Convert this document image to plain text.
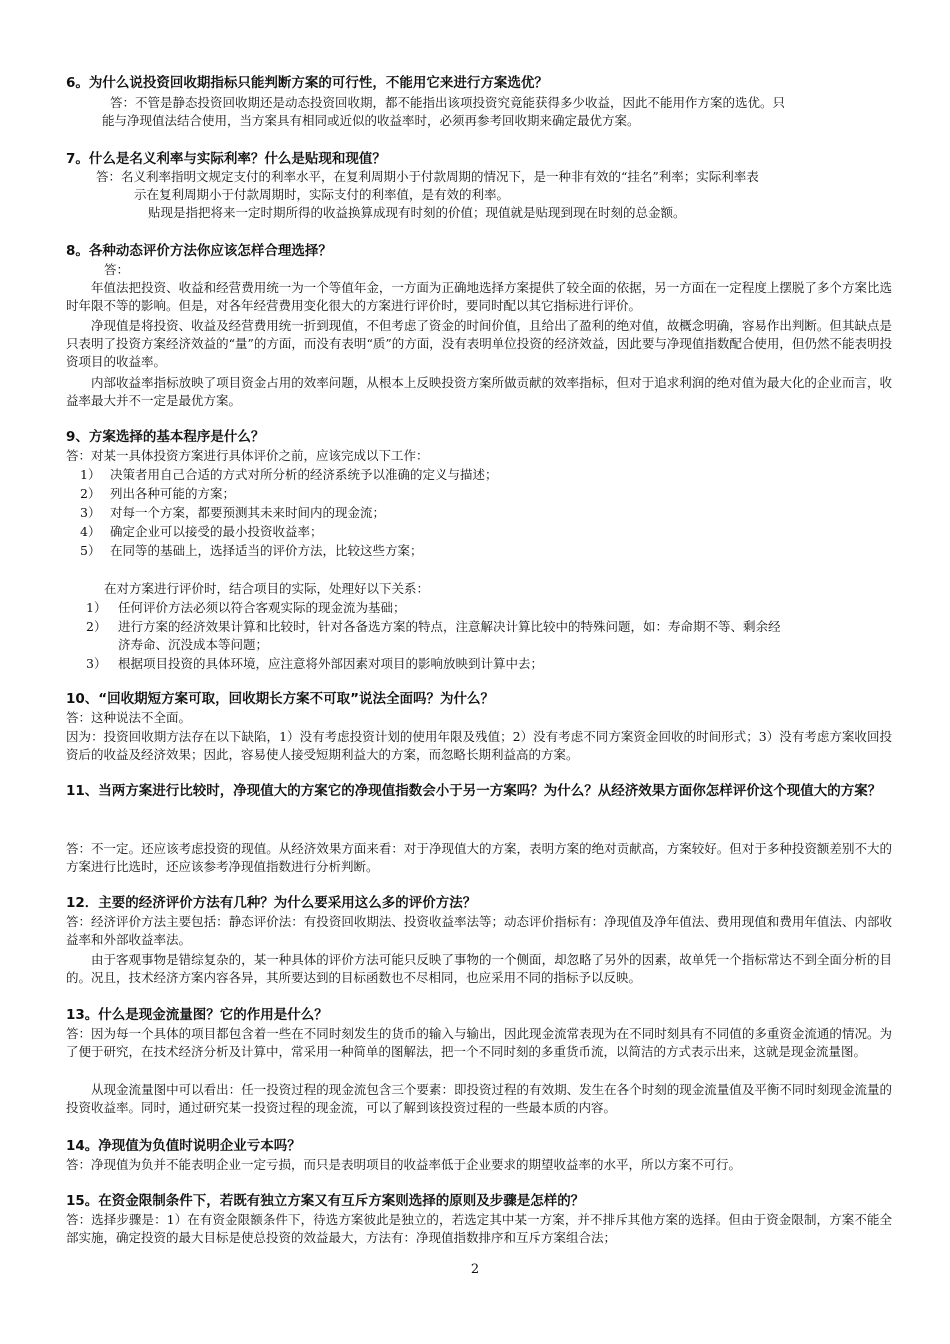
6。为什么说投资回收期指标只能判断方案的可行性，不能用它来进行方案选优？
答：不管是静态投资回收期还是动态投资回收期，都不能指出该项投资究竟能获得多少收益，因此不能用作方案的选优。只
能与净现值法结合使用，当方案具有相同或近似的收益率时，必须再参考回收期来确定最优方案。
7。什么是名义利率与实际利率？什么是贴现和现值？
答：名义利率指明文规定支付的利率水平，在复利周期小于付款周期的情况下，是一种非有效的“挂名”利率；实际利率表
示在复利周期小于付款周期时，实际支付的利率值，是有效的利率。
贴现是指把将来一定时期所得的收益换算成现有时刻的价值；现值就是贴现到现在时刻的总金额。
8。各种动态评价方法你应该怎样合理选择？
答：
年值法把投资、收益和经营费用统一为一个等值年金，一方面为正确地选择方案提供了较全面的依据，另一方面在一定程度上摆脱了多个方案比选时年限不等的影响。但是，对各年经营费用变化很大的方案进行评价时，要同时配以其它指标进行评价。
净现值是将投资、收益及经营费用统一折到现值，不但考虑了资金的时间价值，且给出了盈利的绝对值，故概念明确，容易作出判断。但其缺点是只表明了投资方案经济效益的“量”的方面，而没有表明“质”的方面，没有表明单位投资的经济效益，因此要与净现值指数配合使用，但仍然不能表明投资项目的收益率。
内部收益率指标放映了项目资金占用的效率问题，从根本上反映投资方案所做贡献的效率指标，但对于追求利润的绝对值为最大化的企业而言，收益率最大并不一定是最优方案。
9、方案选择的基本程序是什么？
答：对某一具体投资方案进行具体评价之前，应该完成以下工作：
1） 决策者用自己合适的方式对所分析的经济系统予以准确的定义与描述；
2） 列出各种可能的方案；
3） 对每一个方案，都要预测其未来时间内的现金流；
4） 确定企业可以接受的最小投资收益率；
5） 在同等的基础上，选择适当的评价方法，比较这些方案；
在对方案进行评价时，结合项目的实际，处理好以下关系：
1） 任何评价方法必须以符合客观实际的现金流为基础；
2） 进行方案的经济效果计算和比较时，针对各备选方案的特点，注意解决计算比较中的特殊问题，如：寿命期不等、剩余经
济寿命、沉没成本等问题；
3） 根据项目投资的具体环境，应注意将外部因素对项目的影响放映到计算中去；
10、“回收期短方案可取，回收期长方案不可取”说法全面吗？为什么？
答：这种说法不全面。
因为：投资回收期方法存在以下缺陷，1）没有考虑投资计划的使用年限及残值；2）没有考虑不同方案资金回收的时间形式；3）没有考虑方案收回投资后的收益及经济效果；因此，容易使人接受短期利益大的方案，而忽略长期利益高的方案。
11、当两方案进行比较时，净现值大的方案它的净现值指数会小于另一方案吗？为什么？从经济效果方面你怎样评价这个现值大的方案？
答：不一定。还应该考虑投资的现值。从经济效果方面来看：对于净现值大的方案，表明方案的绝对贡献高，方案较好。但对于多种投资额差别不大的方案进行比选时，还应该参考净现值指数进行分析判断。
12．主要的经济评价方法有几种？为什么要采用这么多的评价方法？
答：经济评价方法主要包括：静态评价法：有投资回收期法、投资收益率法等；动态评价指标有：净现值及净年值法、费用现值和费用年值法、内部收益率和外部收益率法。
由于客观事物是错综复杂的，某一种具体的评价方法可能只反映了事物的一个侧面，却忽略了另外的因素，故单凭一个指标常达不到全面分析的目的。况且，技术经济方案内容各异，其所要达到的目标函数也不尽相同，也应采用不同的指标予以反映。
13。什么是现金流量图？它的作用是什么？
答：因为每一个具体的项目都包含着一些在不同时刻发生的货币的输入与输出，因此现金流常表现为在不同时刻具有不同值的多重资金流通的情况。为了便于研究，在技术经济分析及计算中，常采用一种简单的图解法，把一个不同时刻的多重货币流，以简洁的方式表示出来，这就是现金流量图。
从现金流量图中可以看出：任一投资过程的现金流包含三个要素：即投资过程的有效期、发生在各个时刻的现金流量值及平衡不同时刻现金流量的投资收益率。同时，通过研究某一投资过程的现金流，可以了解到该投资过程的一些最本质的内容。
14。净现值为负值时说明企业亏本吗？
答：净现值为负并不能表明企业一定亏损，而只是表明项目的收益率低于企业要求的期望收益率的水平，所以方案不可行。
15。在资金限制条件下，若既有独立方案又有互斥方案则选择的原则及步骤是怎样的？
答：选择步骤是：1）在有资金限额条件下，待选方案彼此是独立的，若选定其中某一方案，并不排斥其他方案的选择。但由于资金限制，方案不能全部实施，确定投资的最大目标是使总投资的效益最大，方法有：净现值指数排序和互斥方案组合法；
2
